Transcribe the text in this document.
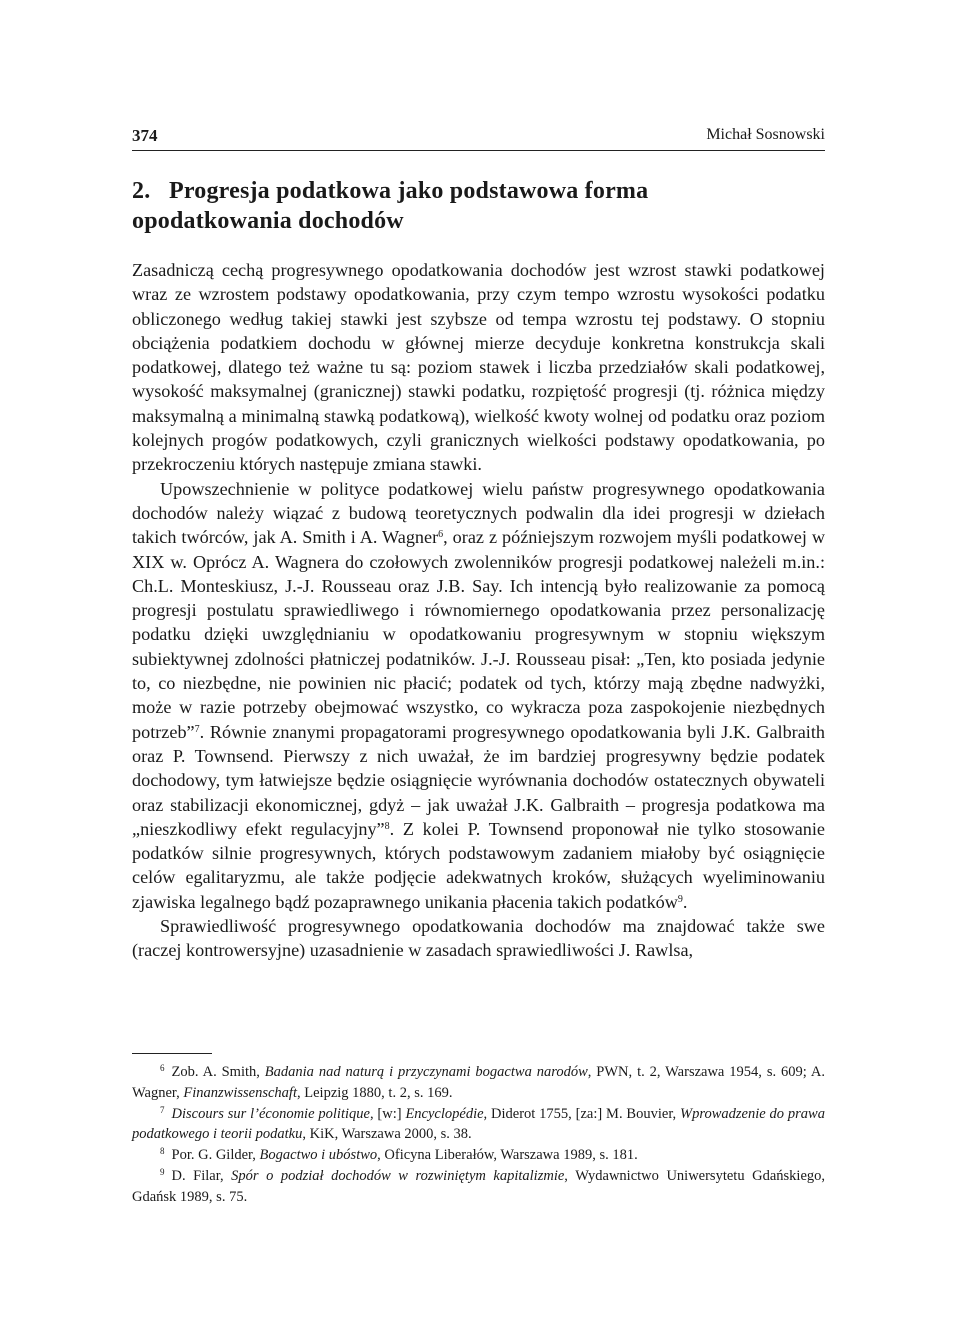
374	Michał Sosnowski
2. Progresja podatkowa jako podstawowa forma
opodatkowania dochodów

Zasadniczą cechą progresywnego opodatkowania dochodów jest wzrost stawki podatkowej wraz ze wzrostem podstawy opodatkowania, przy czym tempo wzrostu wysokości podatku obliczonego według takiej stawki jest szybsze od tempa wzrostu tej podstawy. O stopniu obciążenia podatkiem dochodu w głównej mierze decyduje konkretna konstrukcja skali podatkowej, dlatego też ważne tu są: poziom stawek i liczba przedziałów skali podatkowej, wysokość maksymalnej (granicznej) stawki podatku, rozpiętość progresji (tj. różnica między maksymalną a minimalną stawką podatkową), wielkość kwoty wolnej od podatku oraz poziom kolejnych progów podatkowych, czyli granicznych wielkości podstawy opodatkowania, po przekroczeniu których następuje zmiana stawki.

Upowszechnienie w polityce podatkowej wielu państw progresywnego opodatkowania dochodów należy wiązać z budową teoretycznych podwalin dla idei progresji w dziełach takich twórców, jak A. Smith i A. Wagner$^6$, oraz z późniejszym rozwojem myśli podatkowej w XIX w. Oprócz A. Wagnera do czołowych zwolenników progresji podatkowej należeli m.in.: Ch.L. Monteskiusz, J.-J. Rousseau oraz J.B. Say. Ich intencją było realizowanie za pomocą progresji postulatu sprawiedliwego i równomiernego opodatkowania przez personalizację podatku dzięki uwzględnianiu w opodatkowaniu progresywnym w stopniu większym subiektywnej zdolności płatniczej podatników. J.-J. Rousseau pisał: „Ten, kto posiada jedynie to, co niezbędne, nie powinien nic płacić; podatek od tych, którzy mają zbędne nadwyżki, może w razie potrzeby obejmować wszystko, co wykracza poza zaspokojenie niezbędnych potrzeb”$^7$. Równie znanymi propagatorami progresywnego opodatkowania byli J.K. Galbraith oraz P. Townsend. Pierwszy z nich uważał, że im bardziej progresywny będzie podatek dochodowy, tym łatwiejsze będzie osiągnięcie wyrównania dochodów ostatecznych obywateli oraz stabilizacji ekonomicznej, gdyż – jak uważał J.K. Galbraith – progresja podatkowa ma „nieszkodliwy efekt regulacyjny”$^8$. Z kolei P. Townsend proponował nie tylko stosowanie podatków silnie progresywnych, których podstawowym zadaniem miałoby być osiągnięcie celów egalitaryzmu, ale także podjęcie adekwatnych kroków, służących wyeliminowaniu zjawiska legalnego bądź pozaprawnego unikania płacenia takich podatków$^9$.

Sprawiedliwość progresywnego opodatkowania dochodów ma znajdować także swe (raczej kontrowersyjne) uzasadnienie w zasadach sprawiedliwości J. Rawlsa,

$^6$ Zob. A. Smith, Badania nad naturą i przyczynami bogactwa narodów, PWN, t. 2, Warszawa 1954, s. 609; A. Wagner, Finanzwissenschaft, Leipzig 1880, t. 2, s. 169.

$^7$ Discours sur l’économie politique, [w:] Encyclopédie, Diderot 1755, [za:] M. Bouvier, Wprowadzenie do prawa podatkowego i teorii podatku, KiK, Warszawa 2000, s. 38.

$^8$ Por. G. Gilder, Bogactwo i ubóstwo, Oficyna Liberałów, Warszawa 1989, s. 181.

$^9$ D. Filar, Spór o podział dochodów w rozwiniętym kapitalizmie, Wydawnictwo Uniwersytetu Gdańskiego, Gdańsk 1989, s. 75.
